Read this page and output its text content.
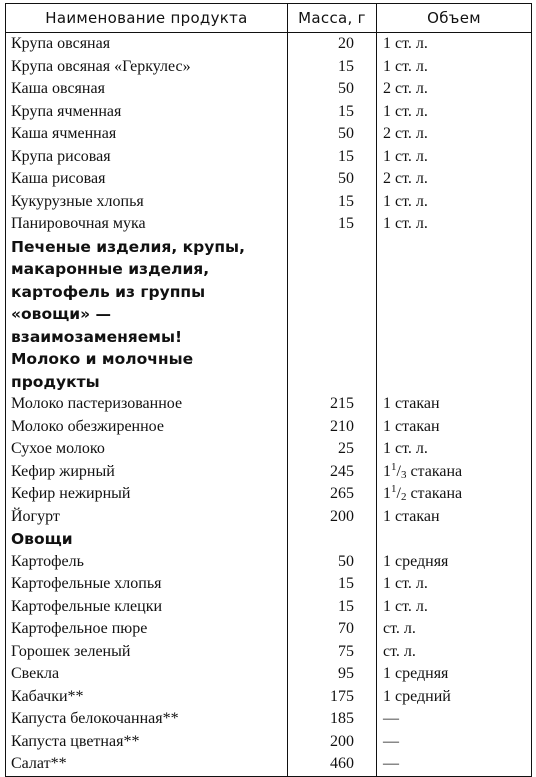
Наименование продукта	Масса, г	Объем
Крупа овсяная	20	1 ст. л.
Крупа овсяная «Геркулес»	15	1 ст. л.
Каша овсяная	50	2 ст. л.
Крупа ячменная	15	1 ст. л.
Каша ячменная	50	2 ст. л.
Крупа рисовая	15	1 ст. л.
Каша рисовая	50	2 ст. л.
Кукурузные хлопья	15	1 ст. л.
Панировочная мука	15	1 ст. л.

Печеные изделия, крупы,
макаронные изделия,
картофель из группы
«овощи» — взаимозаменяемы!		

Молоко и молочные
продукты		

Молоко пастеризованное	215	1 стакан
Молоко обезжиренное	210	1 стакан
Сухое молоко	25	1 ст. л.
Кефир жирный	245	$1^1/_3$ стакана
Кефир нежирный	265	$1^1/_2$ стакана
Йогурт	200	1 стакан

Овощи		

Картофель	50	1 средняя
Картофельные хлопья	15	1 ст. л.
Картофельные клецки	15	1 ст. л.
Картофельное пюре	70	ст. л.
Горошек зеленый	75	ст. л.
Свекла	95	1 средняя
Кабачки**	175	1 средний
Капуста белокочанная**	185	—
Капуста цветная**	200	—
Салат**	460	—
